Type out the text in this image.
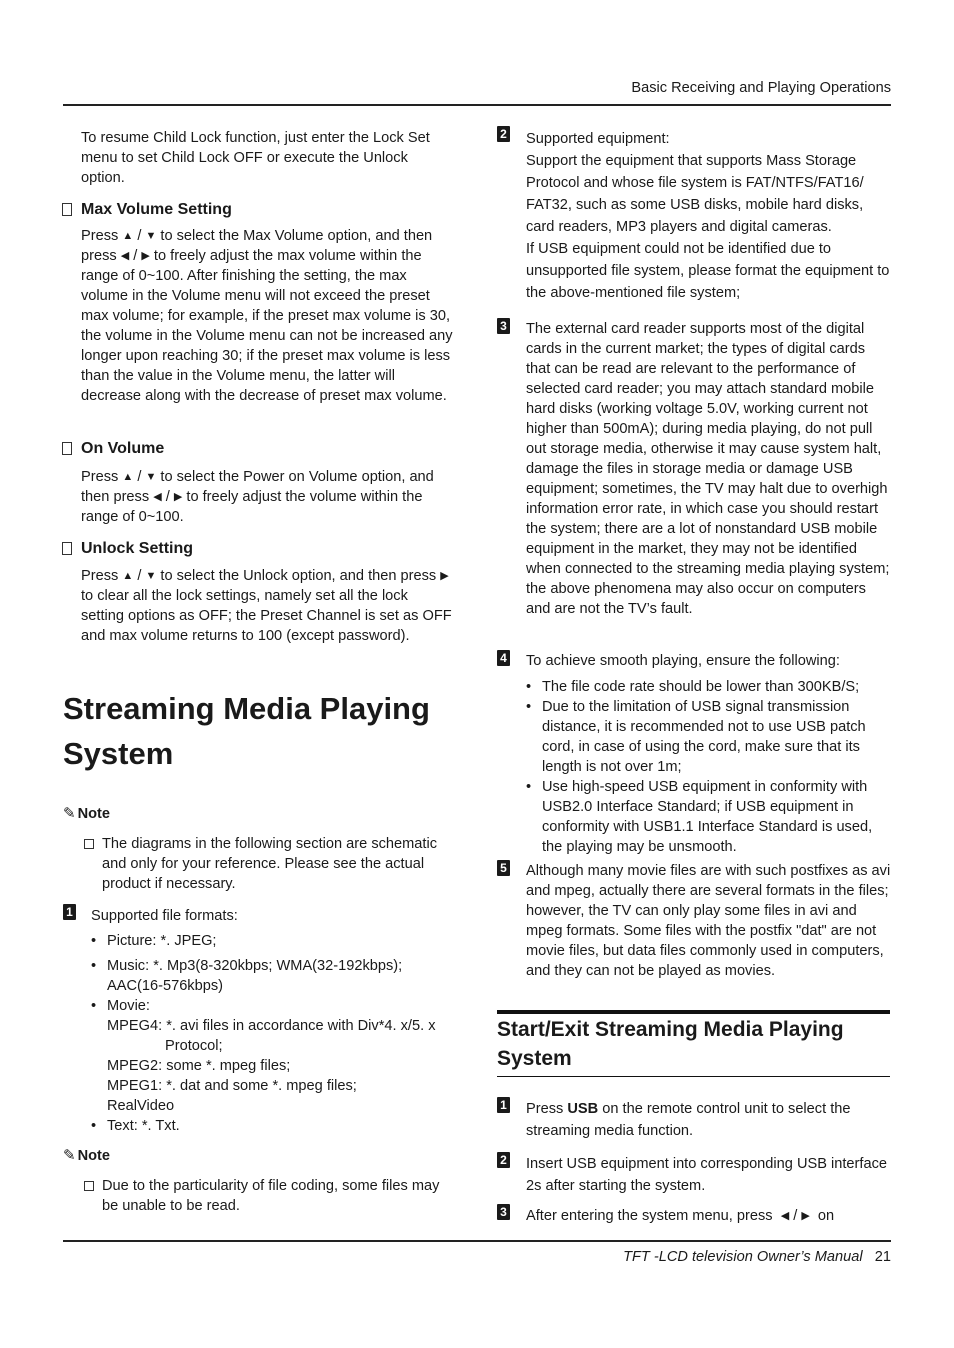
Basic Receiving and Playing Operations

To resume Child Lock function, just enter the Lock Set menu to set Child Lock OFF or execute the Unlock option.

Max Volume Setting

Press ▲ / ▼ to select the Max Volume option, and then press ◀ / ▶ to freely adjust the max volume within the range of 0~100. After finishing the setting, the max volume in the Volume menu will not exceed the preset max volume; for example, if the preset max volume is 30, the volume in the Volume menu can not be increased any longer upon reaching 30; if the preset max volume is less than the value in the Volume menu, the latter will decrease along with the decrease of preset max volume.

On Volume

Press ▲ / ▼ to select the Power on Volume option, and then press ◀ / ▶ to freely adjust the volume within the range of 0~100.

Unlock Setting

Press ▲ / ▼ to select the Unlock option, and then press ▶ to clear all the lock settings, namely set all the lock setting options as OFF; the Preset Channel is set as OFF and max volume returns to 100 (except password).

Streaming Media Playing
System
✎ Note

The diagrams in the following section are schematic and only for your reference. Please see the actual product if necessary.

1 Supported file formats:
• Picture: *. JPEG;
• Music: *. Mp3(8-320kbps; WMA(32-192kbps); AAC(16-576kbps)
• Movie:
MPEG4: *. avi files in accordance with Div*4. x/5. x
Protocol;
MPEG2: some *. mpeg files;
MPEG1: *. dat and some *. mpeg files;
RealVideo
• Text: *. Txt.
✎ Note

Due to the particularity of file coding, some files may be unable to be read.

2 Supported equipment:
Support the equipment that supports Mass Storage Protocol and whose file system is FAT/NTFS/FAT16/ FAT32, such as some USB disks, mobile hard disks, card readers, MP3 players and digital cameras.
If USB equipment could not be identified due to unsupported file system, please format the equipment to the above-mentioned file system;
3 The external card reader supports most of the digital cards in the current market; the types of digital cards that can be read are relevant to the performance of selected card reader; you may attach standard mobile hard disks (working voltage 5.0V, working current not higher than 500mA); during media playing, do not pull out storage media, otherwise it may cause system halt, damage the files in storage media or damage USB equipment; sometimes, the TV may halt due to overhigh information error rate, in which case you should restart the system; there are a lot of nonstandard USB mobile equipment in the market, they may not be identified when connected to the streaming media playing system; the above phenomena may also occur on computers and are not the TV’s fault.
4 To achieve smooth playing, ensure the following:
• The file code rate should be lower than 300KB/S;
• Due to the limitation of USB signal transmission distance, it is recommended not to use USB patch cord, in case of using the cord, make sure that its length is not over 1m;
• Use high-speed USB equipment in conformity with USB2.0 Interface Standard; if USB equipment in conformity with USB1.1 Interface Standard is used, the playing may be unsmooth.
5 Although many movie files are with such postfixes as avi and mpeg, actually there are several formats in the files; however, the TV can only play some files in avi and mpeg formats. Some files with the postfix "dat" are not movie files, but data files commonly used in computers, and they can not be played as movies.
Start/Exit Streaming Media Playing System
1 Press USB on the remote control unit to select the streaming media function.
2 Insert USB equipment into corresponding USB interface 2s after starting the system.
3 After entering the system menu, press ◀ / ▶ on
TFT -LCD television Owner’s Manual 21
